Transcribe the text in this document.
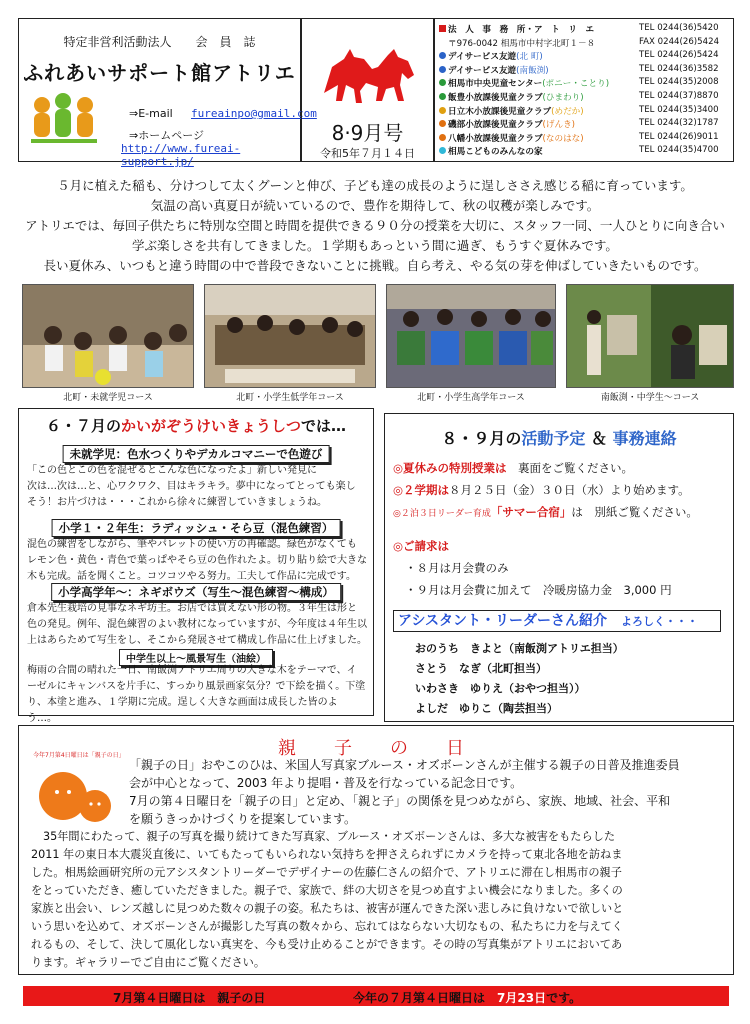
特定非営利活動法人　　会　員　誌
ふれあいサポート館アトリエ
⇒E-mail fureainpo@gmail.com
⇒ホームページ
http://www.fureai-support.jp/
8·9月号
令和5年７月１４日
法　人　事　務　所・ア　ト　リ　エ	TEL 0244(36)5420
〒976-0042 相馬市中村字北町１－８	FAX 0244(26)5424
デイサービス友遊(北 町)	TEL 0244(26)5424
デイサービス友遊(南飯渕)	TEL 0244(36)3582
相馬市中央児童センター(ポニー・ことり)	TEL 0244(35)2008
飯豊小放課後児童クラブ(ひまわり)	TEL 0244(37)8870
日立木小放課後児童クラブ(めだか)	TEL 0244(35)3400
磯部小放課後児童クラブ(げんき)	TEL 0244(32)1787
八幡小放課後児童クラブ(なのはな)	TEL 0244(26)9011
相馬こどものみんなの家	TEL 0244(35)4700
５月に植えた稲も、分けつして太くグーンと伸び、子ども達の成長のように逞しささえ感じる稲に育っています。
気温の高い真夏日が続いているので、豊作を期待して、秋の収穫が楽しみです。
アトリエでは、毎回子供たちに特別な空間と時間を提供できる９０分の授業を大切に、スタッフ一同、一人ひとりに向き合い
学ぶ楽しさを共有してきました。１学期もあっという間に過ぎ、もうすぐ夏休みです。
長い夏休み、いつもと違う時間の中で普段できないことに挑戦。自ら考え、やる気の芽を伸ばしていきたいものです。
北町・未就学児コース	北町・小学生低学年コース	北町・小学生高学年コース	南飯渕・中学生～コース
６・７月のかいがぞうけいきょうしつでは…
未就学児：色水つくりやデカルコマニーで色遊び
「この色とこの色を混ぜるとこんな色になったよ」新しい発見に
次は…次は…と、心ワクワク、目はキラキラ。夢中になってとっても楽し
そう！お片づけは・・・これから徐々に練習していきましょうね。
小学１・２年生：ラディッシュ・そら豆（混色練習）
混色の練習をしながら、筆やパレットの使い方の再確認。緑色がなくても
レモン色・黄色・青色で葉っぱやそら豆の色作れたよ。切り貼り絵で大きな
木も完成。話を聞くこと。コツコツやる努力。工夫して作品に完成です。
小学高学年～：ネギボウズ（写生～混色練習～構成）
倉本先生栽培の見事なネギ坊主。お店では買えない形の物。３年生は形と
色の発見。例年、混色練習のよい教材になっていますが、今年度は４年生以
上はあらためて写生をし、そこから発展させて構成し作品に仕上げました。
中学生以上～風景写生（油絵）
梅雨の合間の晴れた一日、南飯渕アトリエ周りの大きな木をテーマで、イ
ーゼルにキャンバスを片手に、すっかり風景画家気分？で下絵を描く。下塗
り、本塗と進み、１学期に完成。逞しく大きな画面は成長した皆のよう…。
８・９月の活動予定 ＆ 事務連絡
◎夏休みの特別授業は　 裏面をご覧ください。
◎２学期は８月２５日（金）３０日（水）より始めます。
◎２泊３日リーダー育成「サマー合宿」は　 別紙ご覧ください。
◎ご請求は
・８月は月会費のみ
・９月は月会費に加えて　冷暖房協力金　3,000 円
アシスタント・リーダーさん紹介　 よろしく・・・
おのうち　きよと（南飯渕アトリエ担当）
さとう　なぎ（北町担当）
いわさき　ゆりえ（おやつ担当））
よしだ　ゆりこ（陶芸担当）
親　子　の　日
今年7月第4日曜日は「親子の日」
「親子の日」おやこのひは、米国人写真家ブルース・オズボーンさんが主催する親子の日普及推進委員
会が中心となって、2003 年より提唱・普及を行なっている記念日です。
7月の第４日曜日を「親子の日」と定め、「親と子」の関係を見つめながら、家族、地域、社会、平和
を願うきっかけづくりを提案しています。
35年間にわたって、親子の写真を撮り続けてきた写真家、ブルース・オズボーンさんは、多大な被害をもたらした
2011 年の東日本大震災直後に、いてもたってもいられない気持ちを押さえられずにカメラを持って東北各地を訪ねま
した。相馬絵画研究所の元アシスタントリーダーでデザイナーの佐藤仁さんの紹介で、アトリエに滞在し相馬市の親子
をとっていただき、癒していただきました。親子で、家族で、絆の大切さを見つめ直すよい機会になりました。多くの
家族と出会い、レンズ越しに見つめた数々の親子の姿。私たちは、被害が運んできた深い悲しみに負けないで欲しいと
いう思いを込めて、オズボーンさんが撮影した写真の数々から、忘れてはならない大切なもの、私たちに力を与えてく
れるもの、そして、決して風化しない真実を、今も受け止めることができます。その時の写真集がアトリエにおいてあ
ります。ギャラリーでご自由にご覧ください。
7月第４日曜日は　親子の日	今年の７月第４日曜日は　 7月23日です。
